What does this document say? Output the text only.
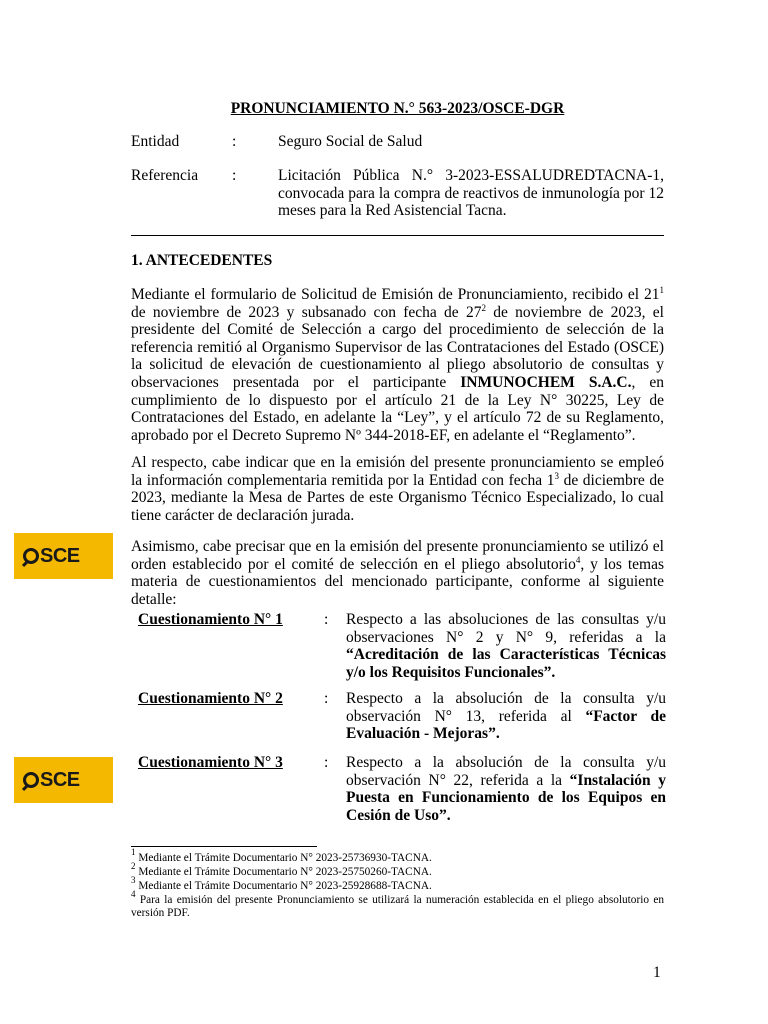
SCE
SCE
PRONUNCIAMIENTO N.° 563-2023/OSCE-DGR
Entidad	:	Seguro Social de Salud
Referencia :	Licitación Pública N.° 3-2023-ESSALUDREDTACNA-1, convocada para la compra de reactivos de inmunología por 12 meses para la Red Asistencial Tacna.
1. ANTECEDENTES

Mediante el formulario de Solicitud de Emisión de Pronunciamiento, recibido el $21^1$ de noviembre de 2023 y subsanado con fecha de $27^2$ de noviembre de 2023, el presidente del Comité de Selección a cargo del procedimiento de selección de la referencia remitió al Organismo Supervisor de las Contrataciones del Estado (OSCE) la solicitud de elevación de cuestionamiento al pliego absolutorio de consultas y observaciones presentada por el participante INMUNOCHEM S.A.C., en cumplimiento de lo dispuesto por el artículo 21 de la Ley N° 30225, Ley de Contrataciones del Estado, en adelante la “Ley”, y el artículo 72 de su Reglamento, aprobado por el Decreto Supremo Nº 344-2018-EF, en adelante el “Reglamento”.

Al respecto, cabe indicar que en la emisión del presente pronunciamiento se empleó la información complementaria remitida por la Entidad con fecha $1^3$ de diciembre de 2023, mediante la Mesa de Partes de este Organismo Técnico Especializado, lo cual tiene carácter de declaración jurada.

Asimismo, cabe precisar que en la emisión del presente pronunciamiento se utilizó el orden establecido por el comité de selección en el pliego absolutorio$^4$, y los temas materia de cuestionamientos del mencionado participante, conforme al siguiente detalle:

Cuestionamiento N° 1	: Respecto a las absoluciones de las consultas y/u observaciones N° 2 y N° 9, referidas a la “Acreditación de las Características Técnicas y/o los Requisitos Funcionales”.
Cuestionamiento N° 2	: Respecto a la absolución de la consulta y/u observación N° 13, referida al “Factor de Evaluación - Mejoras”.
Cuestionamiento N° 3	: Respecto a la absolución de la consulta y/u observación N° 22, referida a la “Instalación y Puesta en Funcionamiento de los Equipos en Cesión de Uso”.
$^1$ Mediante el Trámite Documentario N° 2023-25736930-TACNA.
$^2$ Mediante el Trámite Documentario N° 2023-25750260-TACNA.
$^3$ Mediante el Trámite Documentario N° 2023-25928688-TACNA.
$^4$ Para la emisión del presente Pronunciamiento se utilizará la numeración establecida en el pliego absolutorio en versión PDF.
1
